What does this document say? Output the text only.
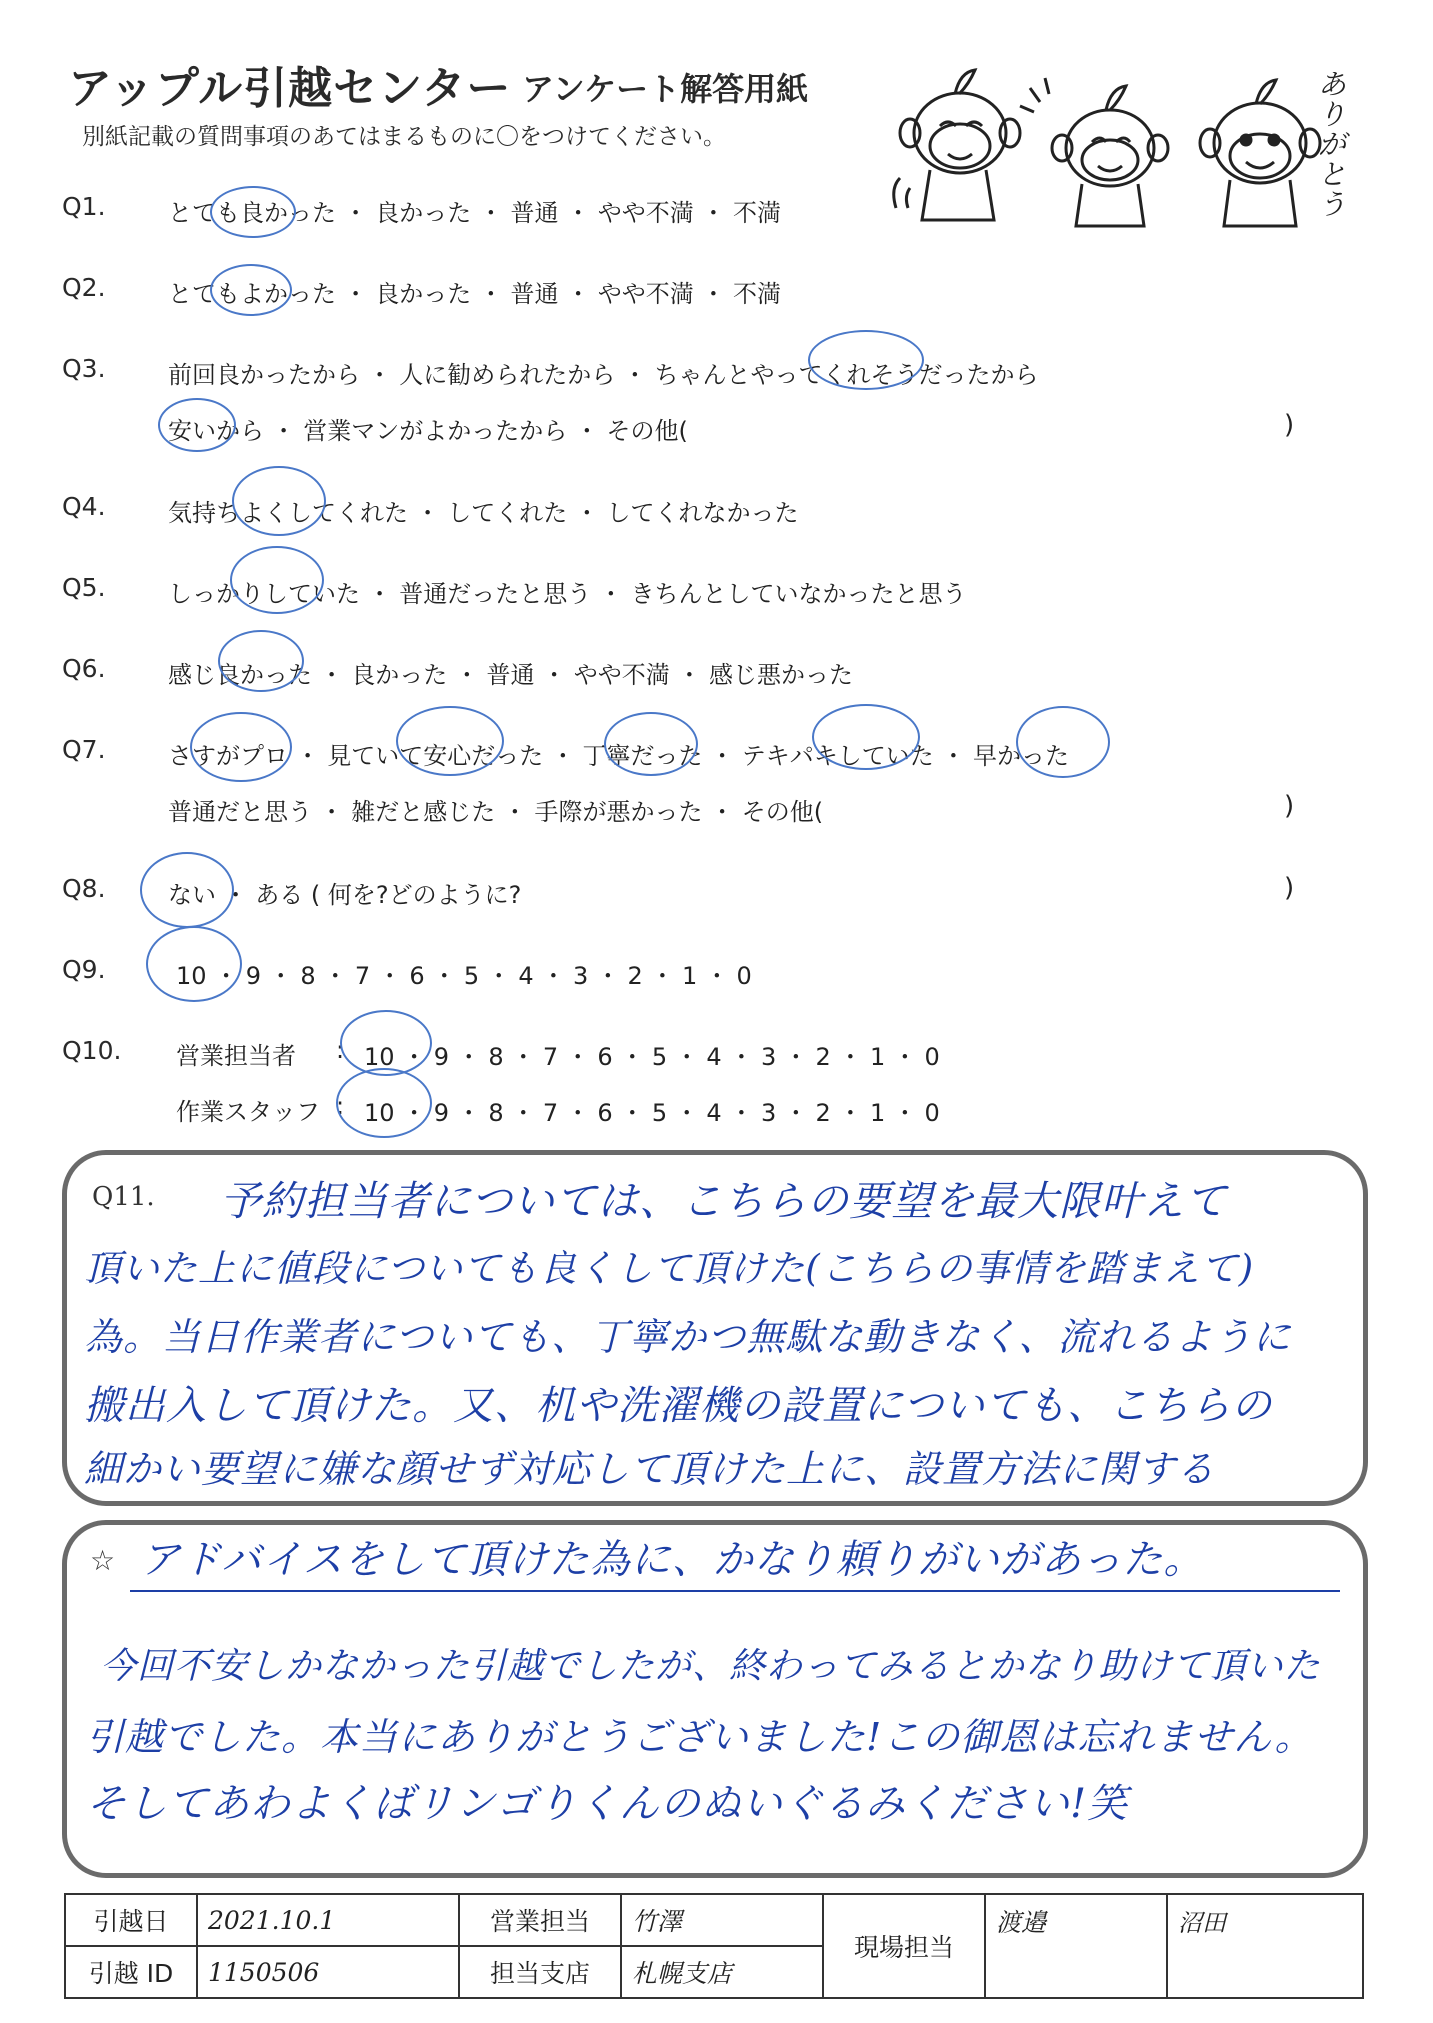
アップル引越センター アンケート解答用紙
別紙記載の質問事項のあてはまるものに〇をつけてください。
ありがとう
Q1.	とても良かった ・ 良かった ・ 普通 ・ やや不満 ・ 不満
Q2.	とてもよかった ・ 良かった ・ 普通 ・ やや不満 ・ 不満
Q3.	前回良かったから ・ 人に勧められたから ・ ちゃんとやってくれそうだったから
安いから ・ 営業マンがよかったから ・ その他(	)
Q4.	気持ちよくしてくれた ・ してくれた ・ してくれなかった
Q5.	しっかりしていた ・ 普通だったと思う ・ きちんとしていなかったと思う
Q6.	感じ良かった ・ 良かった ・ 普通 ・ やや不満 ・ 感じ悪かった
Q7.	さすがプロ ・ 見ていて安心だった ・ 丁寧だった ・ テキパキしていた ・ 早かった
普通だと思う ・ 雑だと感じた ・ 手際が悪かった ・ その他(	)
Q8.	ない ・ ある ( 何を?どのように?	)
Q9.	10 ・ 9 ・ 8 ・ 7 ・ 6 ・ 5 ・ 4 ・ 3 ・ 2 ・ 1 ・ 0
Q10. 営業担当者 : 10 ・ 9 ・ 8 ・ 7 ・ 6 ・ 5 ・ 4 ・ 3 ・ 2 ・ 1 ・ 0
作業スタッフ : 10 ・ 9 ・ 8 ・ 7 ・ 6 ・ 5 ・ 4 ・ 3 ・ 2 ・ 1 ・ 0
Q11. 予約担当者については、こちらの要望を最大限叶えて
頂いた上に値段についても良くして頂けた(こちらの事情を踏まえて)
為。当日作業者についても、丁寧かつ無駄な動きなく、流れるように
搬出入して頂けた。又、机や洗濯機の設置についても、こちらの
細かい要望に嫌な顔せず対応して頂けた上に、設置方法に関する
☆ アドバイスをして頂けた為に、かなり頼りがいがあった。
今回不安しかなかった引越でしたが、終わってみるとかなり助けて頂いた
引越でした。本当にありがとうございました!この御恩は忘れません。
そしてあわよくばリンゴりくんのぬいぐるみください!笑
引越日	2021.10.1	営業担当	竹澤	現場担当	渡邉	沼田
引越 ID	1150506	担当支店	札幌支店			
